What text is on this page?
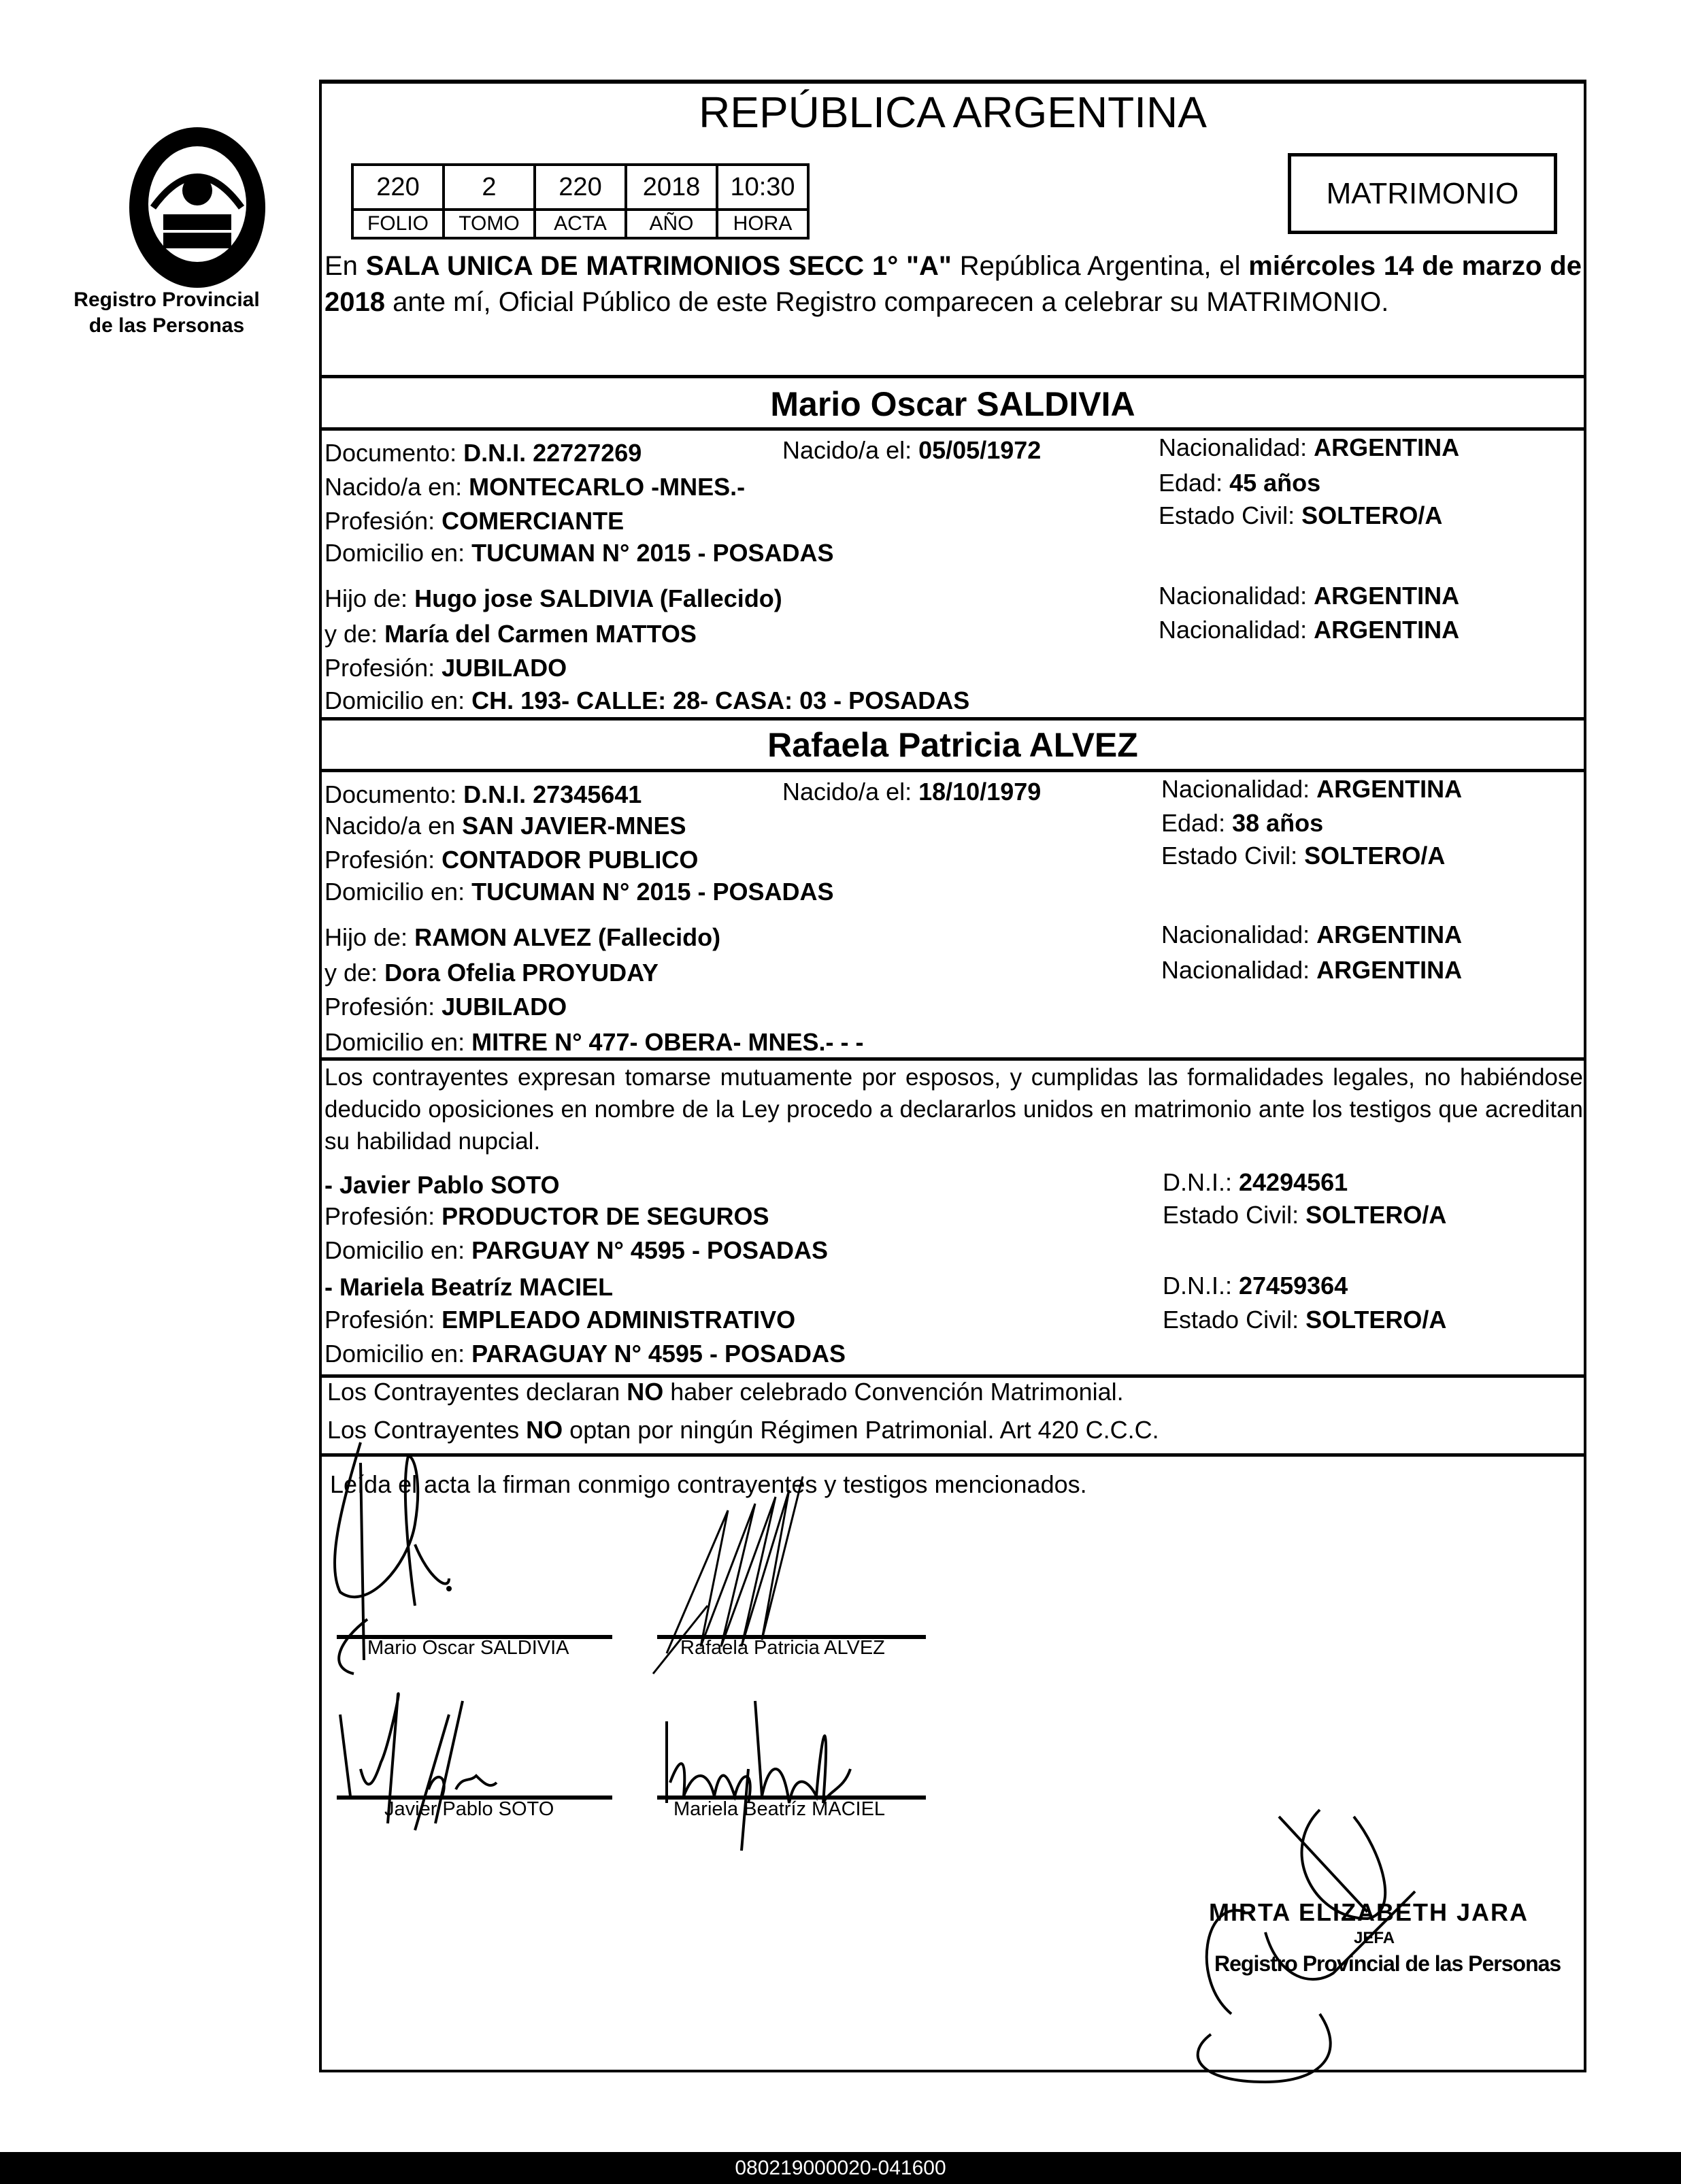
Registro Provincial
de las Personas
REPÚBLICA ARGENTINA
220	2	220	2018	10:30
FOLIO	TOMO	ACTA	AÑO	HORA
MATRIMONIO
En SALA UNICA DE MATRIMONIOS SECC 1° "A" República Argentina, el miércoles 14 de marzo de 2018 ante mí, Oficial Público de este Registro comparecen a celebrar su MATRIMONIO.
Mario Oscar SALDIVIA
Documento: D.N.I. 22727269	Nacido/a el: 05/05/1972	Nacionalidad: ARGENTINA
Nacido/a en: MONTECARLO -MNES.-	Edad: 45 años
Profesión: COMERCIANTE	Estado Civil: SOLTERO/A
Domicilio en: TUCUMAN N° 2015 - POSADAS
Hijo de: Hugo jose SALDIVIA (Fallecido)	Nacionalidad: ARGENTINA
y de: María del Carmen MATTOS	Nacionalidad: ARGENTINA
Profesión: JUBILADO
Domicilio en: CH. 193- CALLE: 28- CASA: 03 - POSADAS
Rafaela Patricia ALVEZ
Documento: D.N.I. 27345641	Nacido/a el: 18/10/1979	Nacionalidad: ARGENTINA
Nacido/a en SAN JAVIER-MNES	Edad: 38 años
Profesión: CONTADOR PUBLICO	Estado Civil: SOLTERO/A
Domicilio en: TUCUMAN N° 2015 - POSADAS
Hijo de: RAMON ALVEZ (Fallecido)	Nacionalidad: ARGENTINA
y de: Dora Ofelia PROYUDAY	Nacionalidad: ARGENTINA
Profesión: JUBILADO
Domicilio en: MITRE N° 477- OBERA- MNES.- - -
Los contrayentes expresan tomarse mutuamente por esposos, y cumplidas las formalidades legales, no habiéndose deducido oposiciones en nombre de la Ley procedo a declararlos unidos en matrimonio ante los testigos que acreditan su habilidad nupcial.
- Javier Pablo SOTO	D.N.I.: 24294561
Profesión: PRODUCTOR DE SEGUROS	Estado Civil: SOLTERO/A
Domicilio en: PARGUAY N° 4595 - POSADAS
- Mariela Beatríz MACIEL	D.N.I.: 27459364
Profesión: EMPLEADO ADMINISTRATIVO	Estado Civil: SOLTERO/A
Domicilio en: PARAGUAY N° 4595 - POSADAS
Los Contrayentes declaran NO haber celebrado Convención Matrimonial.
Los Contrayentes NO optan por ningún Régimen Patrimonial. Art 420 C.C.C.
Leída el acta la firman conmigo contrayentes y testigos mencionados.
Mario Oscar SALDIVIA	Rafaela Patricia ALVEZ
Javier Pablo SOTO	Mariela Beatríz MACIEL
MIRTA ELIZABETH JARA
JEFA
Registro Provincial de las Personas
080219000020-041600
